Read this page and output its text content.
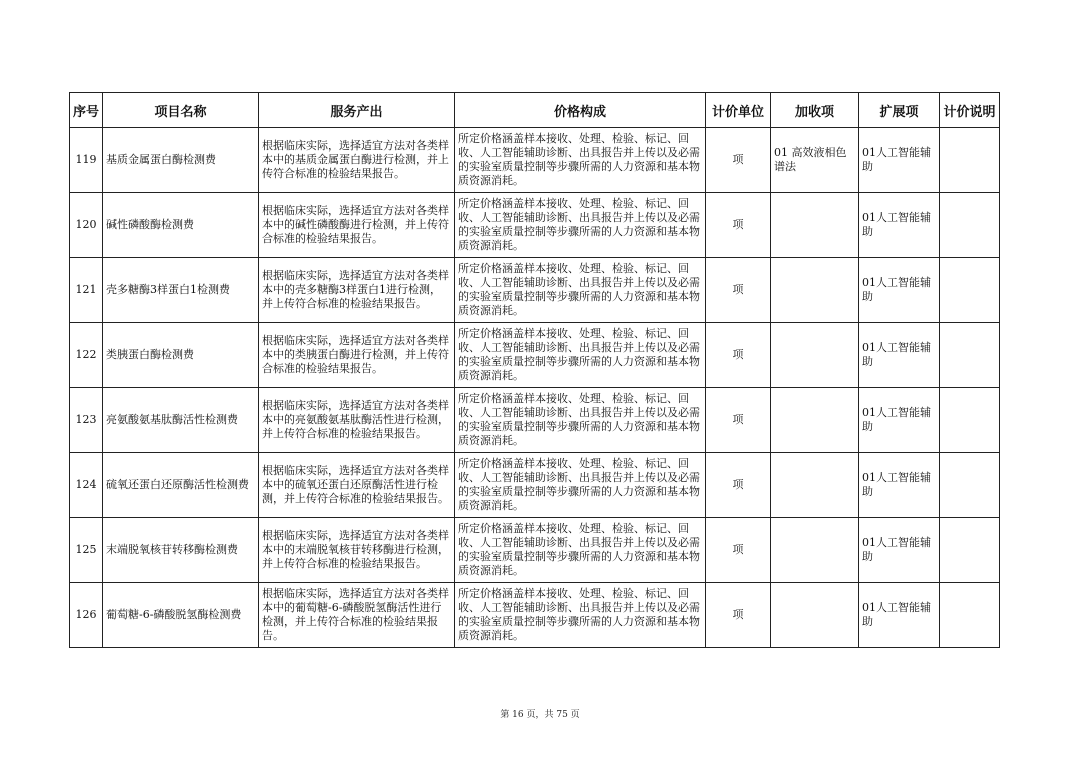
序号	项目名称	服务产出	价格构成	计价单位	加收项	扩展项	计价说明
119	基质金属蛋白酶检测费	根据临床实际，选择适宜方法对各类样本中的基质金属蛋白酶进行检测，并上传符合标准的检验结果报告。	所定价格涵盖样本接收、处理、检验、标记、回收、人工智能辅助诊断、出具报告并上传以及必需的实验室质量控制等步骤所需的人力资源和基本物质资源消耗。	项	01 高效液相色谱法	01人工智能辅助	
120	碱性磷酸酶检测费	根据临床实际，选择适宜方法对各类样本中的碱性磷酸酶进行检测，并上传符合标准的检验结果报告。	所定价格涵盖样本接收、处理、检验、标记、回收、人工智能辅助诊断、出具报告并上传以及必需的实验室质量控制等步骤所需的人力资源和基本物质资源消耗。	项		01人工智能辅助	
121	壳多糖酶3样蛋白1检测费	根据临床实际，选择适宜方法对各类样本中的壳多糖酶3样蛋白1进行检测，并上传符合标准的检验结果报告。	所定价格涵盖样本接收、处理、检验、标记、回收、人工智能辅助诊断、出具报告并上传以及必需的实验室质量控制等步骤所需的人力资源和基本物质资源消耗。	项		01人工智能辅助	
122	类胰蛋白酶检测费	根据临床实际，选择适宜方法对各类样本中的类胰蛋白酶进行检测，并上传符合标准的检验结果报告。	所定价格涵盖样本接收、处理、检验、标记、回收、人工智能辅助诊断、出具报告并上传以及必需的实验室质量控制等步骤所需的人力资源和基本物质资源消耗。	项		01人工智能辅助	
123	亮氨酸氨基肽酶活性检测费	根据临床实际，选择适宜方法对各类样本中的亮氨酸氨基肽酶活性进行检测，并上传符合标准的检验结果报告。	所定价格涵盖样本接收、处理、检验、标记、回收、人工智能辅助诊断、出具报告并上传以及必需的实验室质量控制等步骤所需的人力资源和基本物质资源消耗。	项		01人工智能辅助	
124	硫氧还蛋白还原酶活性检测费	根据临床实际，选择适宜方法对各类样本中的硫氧还蛋白还原酶活性进行检测，并上传符合标准的检验结果报告。	所定价格涵盖样本接收、处理、检验、标记、回收、人工智能辅助诊断、出具报告并上传以及必需的实验室质量控制等步骤所需的人力资源和基本物质资源消耗。	项		01人工智能辅助	
125	末端脱氧核苷转移酶检测费	根据临床实际，选择适宜方法对各类样本中的末端脱氧核苷转移酶进行检测，并上传符合标准的检验结果报告。	所定价格涵盖样本接收、处理、检验、标记、回收、人工智能辅助诊断、出具报告并上传以及必需的实验室质量控制等步骤所需的人力资源和基本物质资源消耗。	项		01人工智能辅助	
126	葡萄糖-6-磷酸脱氢酶检测费	根据临床实际，选择适宜方法对各类样本中的葡萄糖-6-磷酸脱氢酶活性进行检测，并上传符合标准的检验结果报告。	所定价格涵盖样本接收、处理、检验、标记、回收、人工智能辅助诊断、出具报告并上传以及必需的实验室质量控制等步骤所需的人力资源和基本物质资源消耗。	项		01人工智能辅助	
第 16 页，共 75 页
